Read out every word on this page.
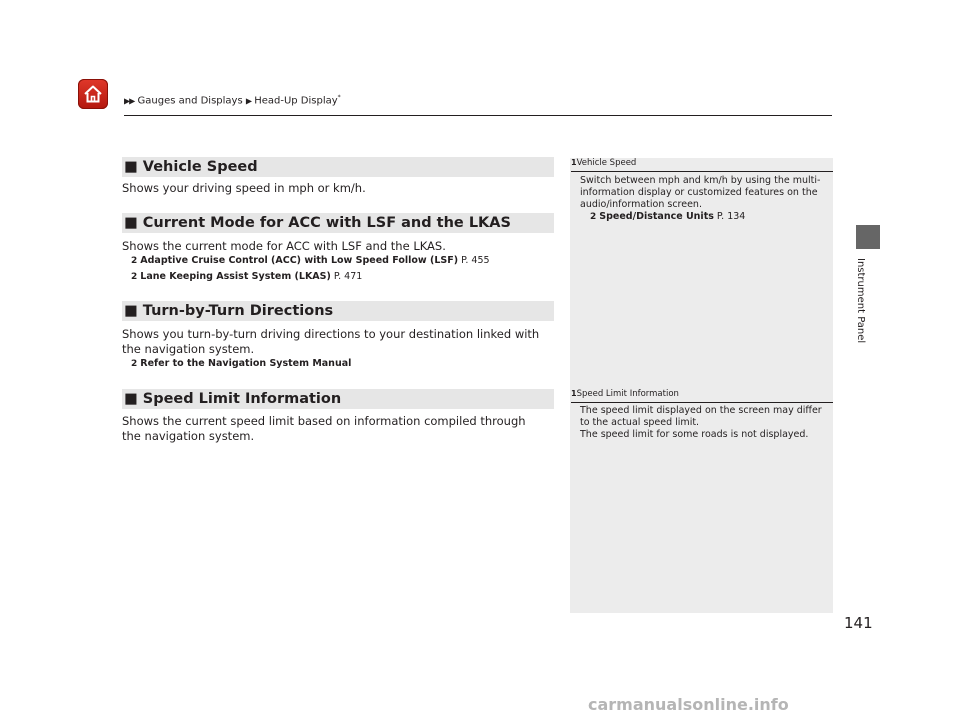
▶▶ Gauges and Displays ▶ Head-Up Display*
Instrument Panel
■ Vehicle Speed
Shows your driving speed in mph or km/h.
■ Current Mode for ACC with LSF and the LKAS
Shows the current mode for ACC with LSF and the LKAS.
2 Adaptive Cruise Control (ACC) with Low Speed Follow (LSF) P. 455
2 Lane Keeping Assist System (LKAS) P. 471
■ Turn-by-Turn Directions
Shows you turn-by-turn driving directions to your destination linked with the navigation system.
2 Refer to the Navigation System Manual
■ Speed Limit Information
Shows the current speed limit based on information compiled through the navigation system.
1Vehicle Speed
Switch between mph and km/h by using the multi-information display or customized features on the audio/information screen.
2 Speed/Distance Units P. 134
1Speed Limit Information
The speed limit displayed on the screen may differ to the actual speed limit.
The speed limit for some roads is not displayed.
141
carmanualsonline.info
